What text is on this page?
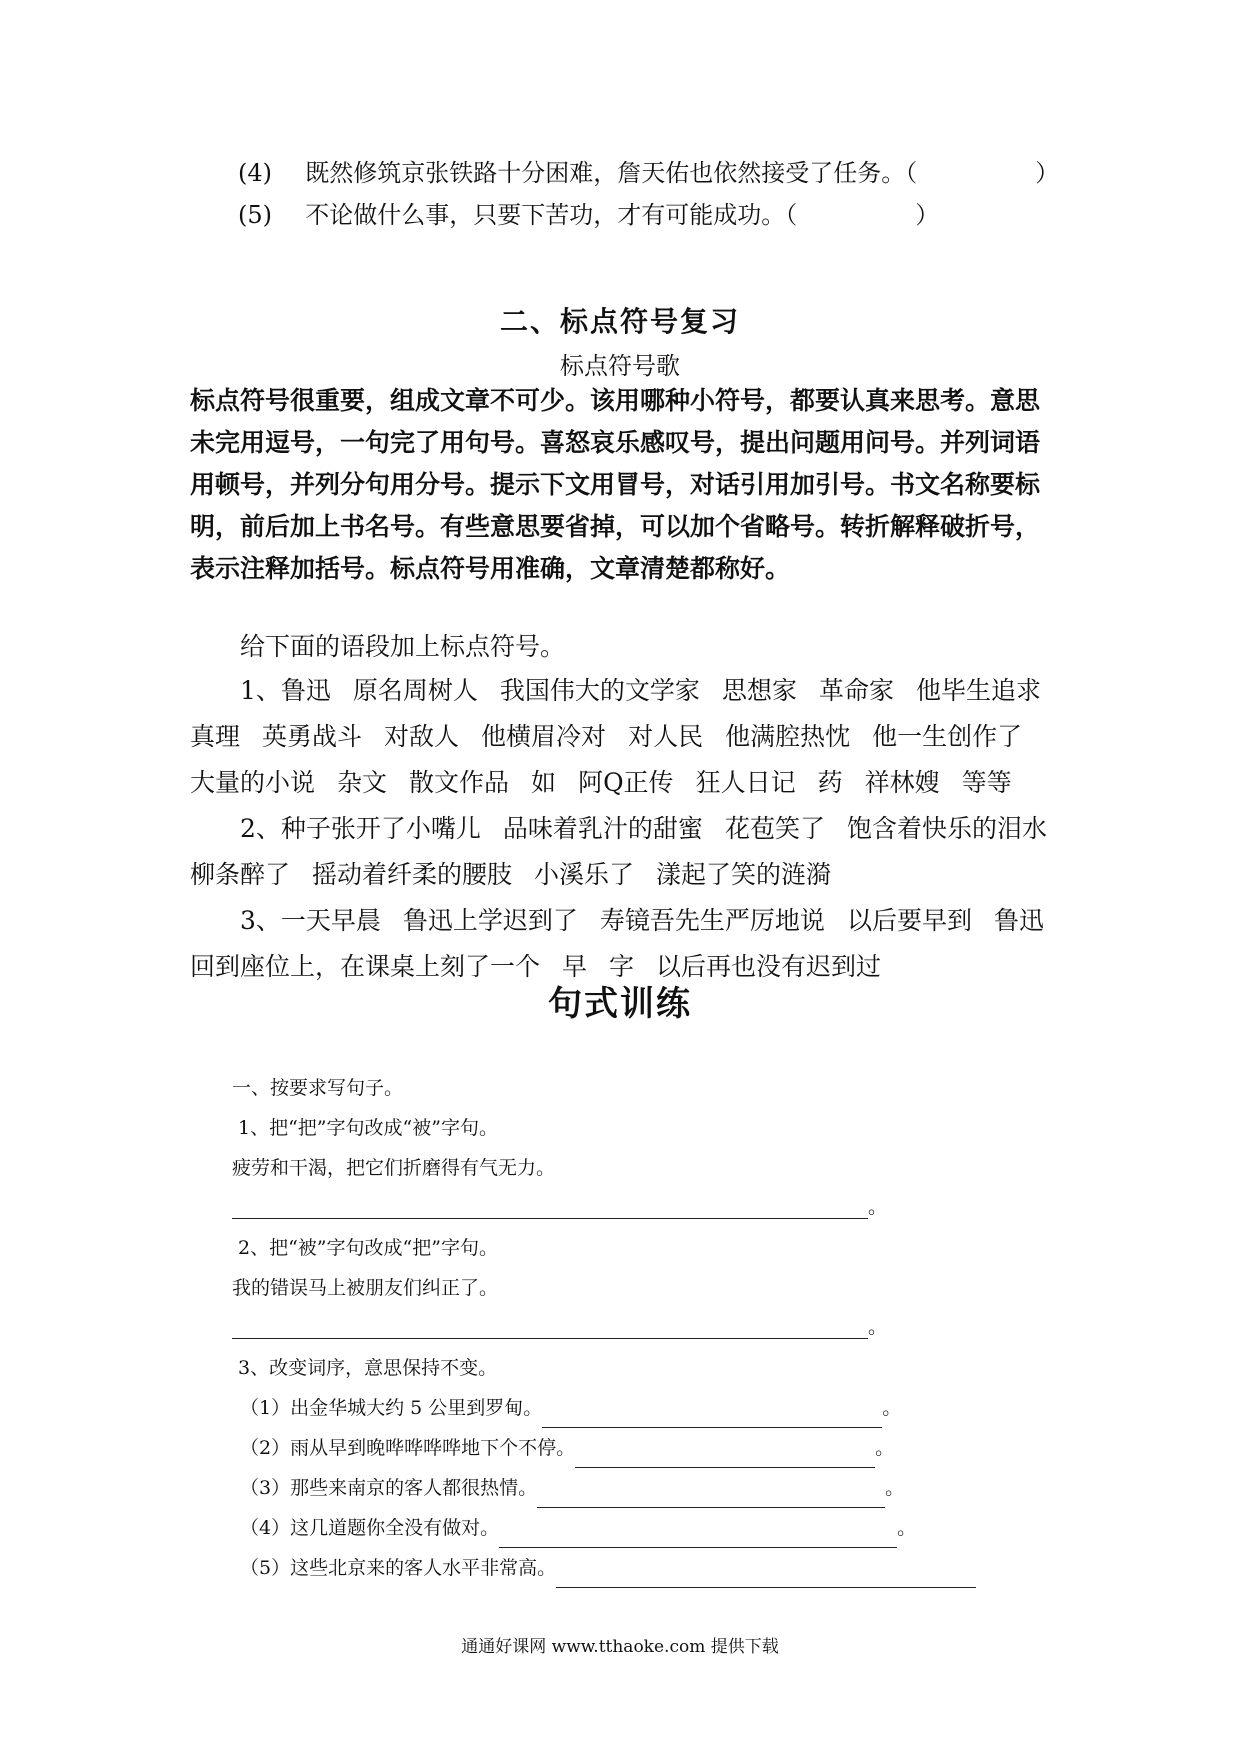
(4) 既然修筑京张铁路十分困难，詹天佑也依然接受了任务。（	）
(5) 不论做什么事，只要下苦功，才有可能成功。（	）
二、标点符号复习
标点符号歌
标点符号很重要，组成文章不可少。该用哪种小符号，都要认真来思考。意思
未完用逗号，一句完了用句号。喜怒哀乐感叹号，提出问题用问号。并列词语
用顿号，并列分句用分号。提示下文用冒号，对话引用加引号。书文名称要标
明，前后加上书名号。有些意思要省掉，可以加个省略号。转折解释破折号，
表示注释加括号。标点符号用准确，文章清楚都称好。
给下面的语段加上标点符号。
1、鲁迅 原名周树人 我国伟大的文学家 思想家 革命家 他毕生追求
真理 英勇战斗 对敌人 他横眉冷对 对人民 他满腔热忱 他一生创作了
大量的小说 杂文 散文作品 如 阿Q正传 狂人日记 药 祥林嫂 等等
2、种子张开了小嘴儿 品味着乳汁的甜蜜 花苞笑了 饱含着快乐的泪水
柳条醉了 摇动着纤柔的腰肢 小溪乐了 漾起了笑的涟漪
3、一天早晨 鲁迅上学迟到了 寿镜吾先生严厉地说 以后要早到 鲁迅
回到座位上，在课桌上刻了一个 早 字 以后再也没有迟到过
句式训练
一、按要求写句子。
1、把“把”字句改成“被”字句。
疲劳和干渴，把它们折磨得有气无力。
。
2、把“被”字句改成“把”字句。
我的错误马上被朋友们纠正了。
。
3、改变词序，意思保持不变。
（1）出金华城大约 5 公里到罗甸。	。
（2）雨从早到晚哗哗哗哗地下个不停。	。
（3）那些来南京的客人都很热情。	。
（4）这几道题你全没有做对。	。
（5）这些北京来的客人水平非常高。
通通好课网 www.tthaoke.com 提供下载
